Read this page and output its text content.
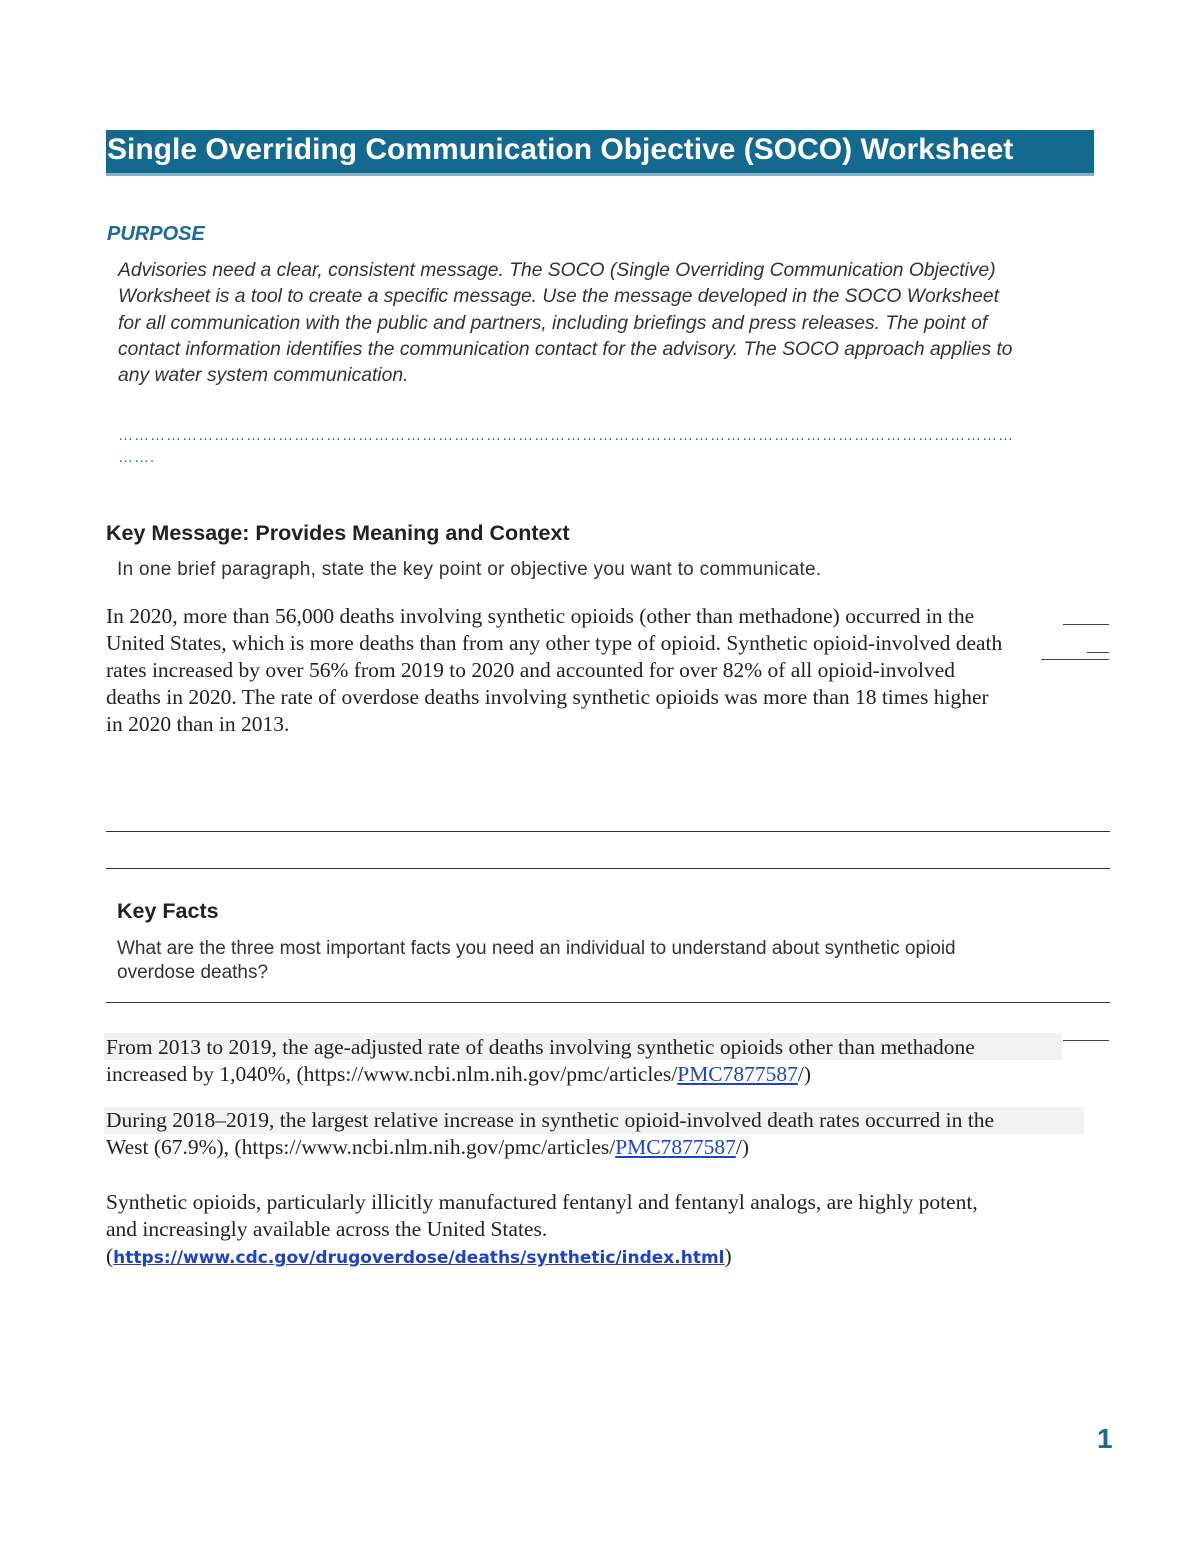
Single Overriding Communication Objective (SOCO) Worksheet
PURPOSE
Advisories need a clear, consistent message. The SOCO (Single Overriding Communication Objective)
Worksheet is a tool to create a specific message. Use the message developed in the SOCO Worksheet
for all communication with the public and partners, including briefings and press releases. The point of
contact information identifies the communication contact for the advisory. The SOCO approach applies to
any water system communication.
……………………………………………………………………………………………………………………………………………………
…….
Key Message: Provides Meaning and Context
In one brief paragraph, state the key point or objective you want to communicate.
In 2020, more than 56,000 deaths involving synthetic opioids (other than methadone) occurred in the
United States, which is more deaths than from any other type of opioid. Synthetic opioid-involved death
rates increased by over 56% from 2019 to 2020 and accounted for over 82% of all opioid-involved
deaths in 2020. The rate of overdose deaths involving synthetic opioids was more than 18 times higher
in 2020 than in 2013.
Key Facts
What are the three most important facts you need an individual to understand about synthetic opioid
overdose deaths?
From 2013 to 2019, the age-adjusted rate of deaths involving synthetic opioids other than methadone
increased by 1,040%, (https://www.ncbi.nlm.nih.gov/pmc/articles/PMC7877587/)
During 2018–2019, the largest relative increase in synthetic opioid-involved death rates occurred in the
West (67.9%), (https://www.ncbi.nlm.nih.gov/pmc/articles/PMC7877587/)
Synthetic opioids, particularly illicitly manufactured fentanyl and fentanyl analogs, are highly potent,
and increasingly available across the United States.
(https://www.cdc.gov/drugoverdose/deaths/synthetic/index.html)
1
